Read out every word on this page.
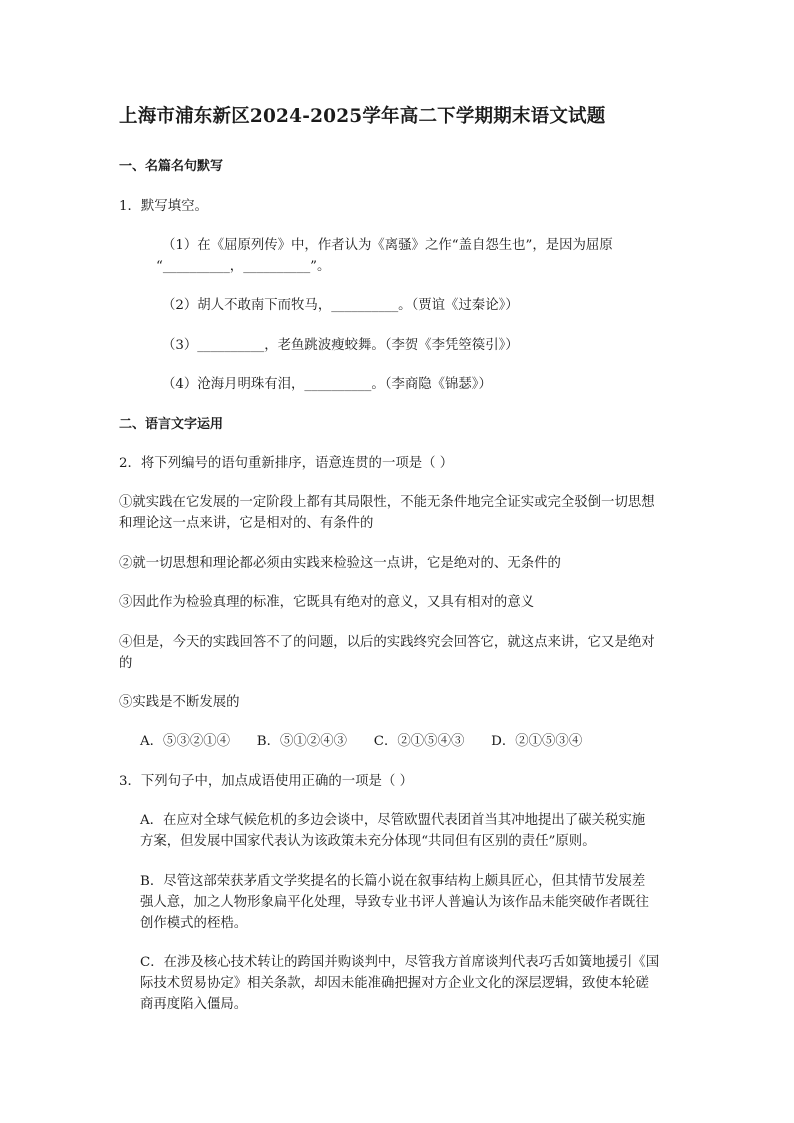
上海市浦东新区2024-2025学年高二下学期期末语文试题
一、名篇名句默写
1．默写填空。
（1）在《屈原列传》中，作者认为《离骚》之作“盖自怨生也”，是因为屈原
“__________，__________”。
（2）胡人不敢南下而牧马，__________。（贾谊《过秦论》）
（3）__________，老鱼跳波瘦蛟舞。（李贺《李凭箜篌引》）
（4）沧海月明珠有泪，__________。（李商隐《锦瑟》）
二、语言文字运用
2．将下列编号的语句重新排序，语意连贯的一项是（ ）
①就实践在它发展的一定阶段上都有其局限性，不能无条件地完全证实或完全驳倒一切思想
和理论这一点来讲，它是相对的、有条件的
②就一切思想和理论都必须由实践来检验这一点讲，它是绝对的、无条件的
③因此作为检验真理的标准，它既具有绝对的意义，又具有相对的意义
④但是，今天的实践回答不了的问题，以后的实践终究会回答它，就这点来讲，它又是绝对
的
⑤实践是不断发展的
A．⑤③②①④　　B．⑤①②④③　　C．②①⑤④③　　D．②①⑤③④
3．下列句子中，加点成语使用正确的一项是（ ）
A．在应对全球气候危机的多边会谈中，尽管欧盟代表团首当其冲地提出了碳关税实施
方案，但发展中国家代表认为该政策未充分体现“共同但有区别的责任”原则。
B．尽管这部荣获茅盾文学奖提名的长篇小说在叙事结构上颇具匠心，但其情节发展差
强人意，加之人物形象扁平化处理，导致专业书评人普遍认为该作品未能突破作者既往
创作模式的桎梏。
C．在涉及核心技术转让的跨国并购谈判中，尽管我方首席谈判代表巧舌如簧地援引《国
际技术贸易协定》相关条款，却因未能准确把握对方企业文化的深层逻辑，致使本轮磋
商再度陷入僵局。
